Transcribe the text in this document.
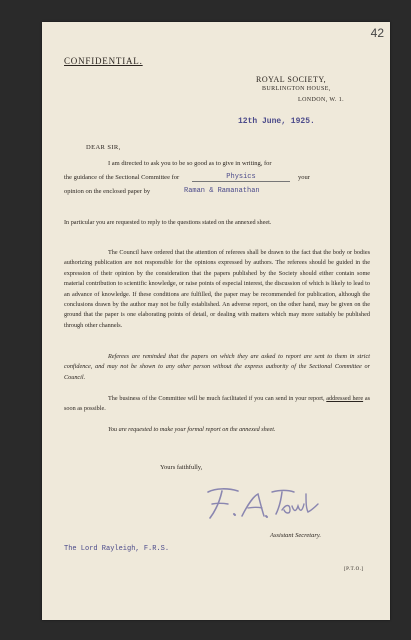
42
CONFIDENTIAL.
ROYAL SOCIETY,
BURLINGTON HOUSE,
LONDON, W. 1.
12th June, 1925.
DEAR SIR,
I am directed to ask you to be so good as to give in writing, for
the guidance of the Sectional Committee for	Physics	your
opinion on the enclosed paper by	Raman & Ramanathan
In particular you are requested to reply to the questions stated on the annexed sheet.
The Council have ordered that the attention of referees shall be drawn to the fact that the body or bodies authorizing publication are not responsible for the opinions expressed by authors. The referees should be guided in the expression of their opinion by the consideration that the papers published by the Society should either contain some material contribution to scientific knowledge, or raise points of especial interest, the discussion of which is likely to lead to an advance of knowledge. If these conditions are fulfilled, the paper may be recommended for publication, although the conclusions drawn by the author may not be fully established. An adverse report, on the other hand, may be given on the ground that the paper is one elaborating points of detail, or dealing with matters which may more suitably be published through other channels.
Referees are reminded that the papers on which they are asked to report are sent to them in strict confidence, and may not be shown to any other person without the express authority of the Sectional Committee or Council.
The business of the Committee will be much facilitated if you can send in your report, addressed here as soon as possible.
You are requested to make your formal report on the annexed sheet.
Yours faithfully,
Assistant Secretary.
The Lord Rayleigh, F.R.S.
[P.T.O.]
